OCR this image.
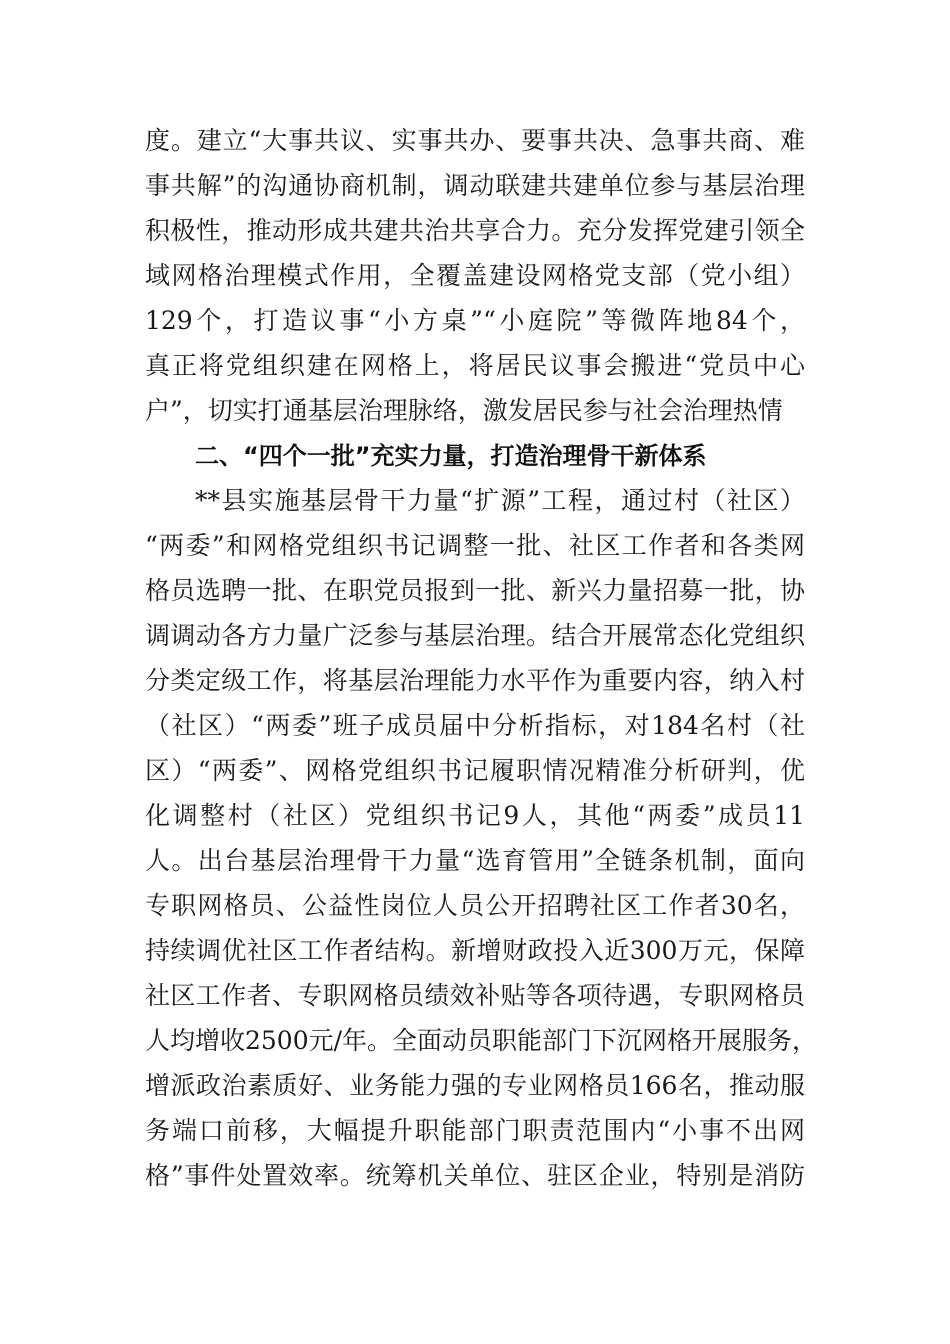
度。建立“大事共议、实事共办、要事共决、急事共商、难
事共解”的沟通协商机制，调动联建共建单位参与基层治理
积极性，推动形成共建共治共享合力。充分发挥党建引领全
域网格治理模式作用，全覆盖建设网格党支部（党小组）
129个，打造议事“小方桌”“小庭院”等微阵地84个，
真正将党组织建在网格上，将居民议事会搬进“党员中心
户”，切实打通基层治理脉络，激发居民参与社会治理热情
二、“四个一批”充实力量，打造治理骨干新体系
**县实施基层骨干力量“扩源”工程，通过村（社区）
“两委”和网格党组织书记调整一批、社区工作者和各类网
格员选聘一批、在职党员报到一批、新兴力量招募一批，协
调调动各方力量广泛参与基层治理。结合开展常态化党组织
分类定级工作，将基层治理能力水平作为重要内容，纳入村
（社区）“两委”班子成员届中分析指标，对184名村（社
区）“两委”、网格党组织书记履职情况精准分析研判，优
化调整村（社区）党组织书记9人，其他“两委”成员11
人。出台基层治理骨干力量“选育管用”全链条机制，面向
专职网格员、公益性岗位人员公开招聘社区工作者30名，
持续调优社区工作者结构。新增财政投入近300万元，保障
社区工作者、专职网格员绩效补贴等各项待遇，专职网格员
人均增收2500元/年。全面动员职能部门下沉网格开展服务，
增派政治素质好、业务能力强的专业网格员166名，推动服
务端口前移，大幅提升职能部门职责范围内“小事不出网
格”事件处置效率。统筹机关单位、驻区企业，特别是消防
